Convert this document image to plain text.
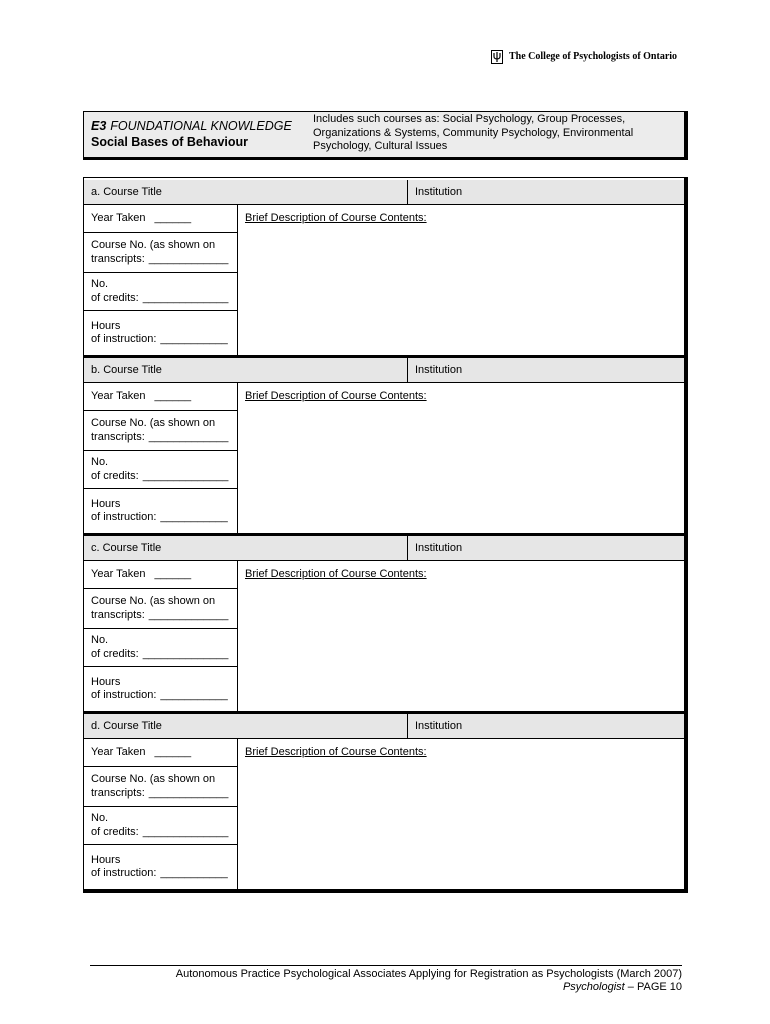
The College of Psychologists of Ontario
E3 FOUNDATIONAL KNOWLEDGE
Social Bases of Behaviour
Includes such courses as: Social Psychology, Group Processes,
Organizations & Systems, Community Psychology, Environmental
Psychology, Cultural Issues
a. Course Title	Institution
Year Taken ______
Course No. (as shown on
transcripts: _____________
No.
of credits: ______________
Hours
of instruction: ___________
Brief Description of Course Contents:
b. Course Title	Institution
Year Taken ______
Course No. (as shown on
transcripts: _____________
No.
of credits: ______________
Hours
of instruction: ___________
Brief Description of Course Contents:
c. Course Title	Institution
Year Taken ______
Course No. (as shown on
transcripts: _____________
No.
of credits: ______________
Hours
of instruction: ___________
Brief Description of Course Contents:
d. Course Title	Institution
Year Taken ______
Course No. (as shown on
transcripts: _____________
No.
of credits: ______________
Hours
of instruction: ___________
Brief Description of Course Contents:
Autonomous Practice Psychological Associates Applying for Registration as Psychologists (March 2007)
Psychologist – PAGE 10
